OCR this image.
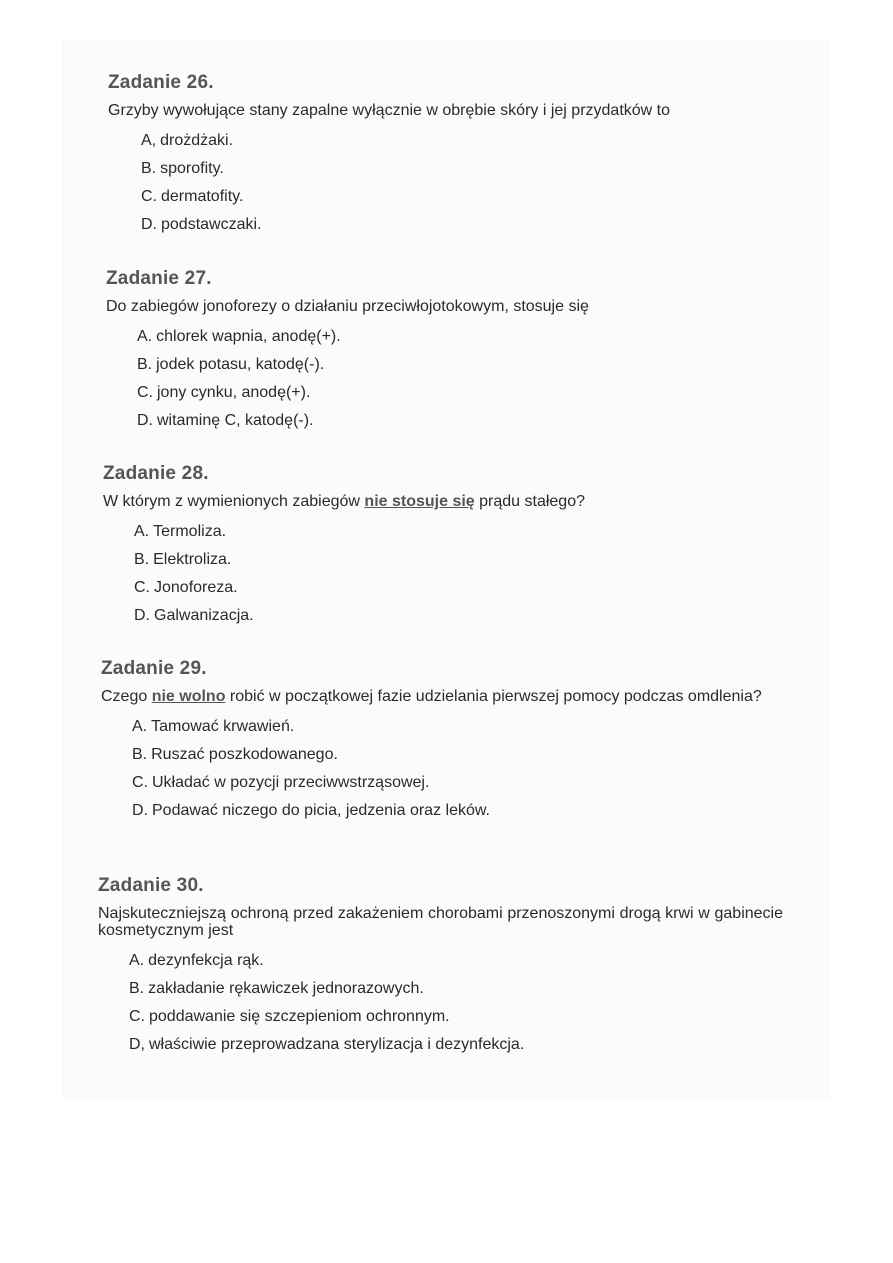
Zadanie 26.
Grzyby wywołujące stany zapalne wyłącznie w obrębie skóry i jej przydatków to
A, drożdżaki.
B. sporofity.
C. dermatofity.
D. podstawczaki.
Zadanie 27.
Do zabiegów jonoforezy o działaniu przeciwłojotokowym, stosuje się
A. chlorek wapnia, anodę(+).
B. jodek potasu, katodę(-).
C. jony cynku, anodę(+).
D. witaminę C, katodę(-).
Zadanie 28.
W którym z wymienionych zabiegów nie stosuje się prądu stałego?
A. Termoliza.
B. Elektroliza.
C. Jonoforeza.
D. Galwanizacja.
Zadanie 29.
Czego nie wolno robić w początkowej fazie udzielania pierwszej pomocy podczas omdlenia?
A. Tamować krwawień.
B. Ruszać poszkodowanego.
C. Układać w pozycji przeciwwstrząsowej.
D. Podawać niczego do picia, jedzenia oraz leków.
Zadanie 30.
Najskuteczniejszą ochroną przed zakażeniem chorobami przenoszonymi drogą krwi w gabinecie kosmetycznym jest
A. dezynfekcja rąk.
B. zakładanie rękawiczek jednorazowych.
C. poddawanie się szczepieniom ochronnym.
D, właściwie przeprowadzana sterylizacja i dezynfekcja.
